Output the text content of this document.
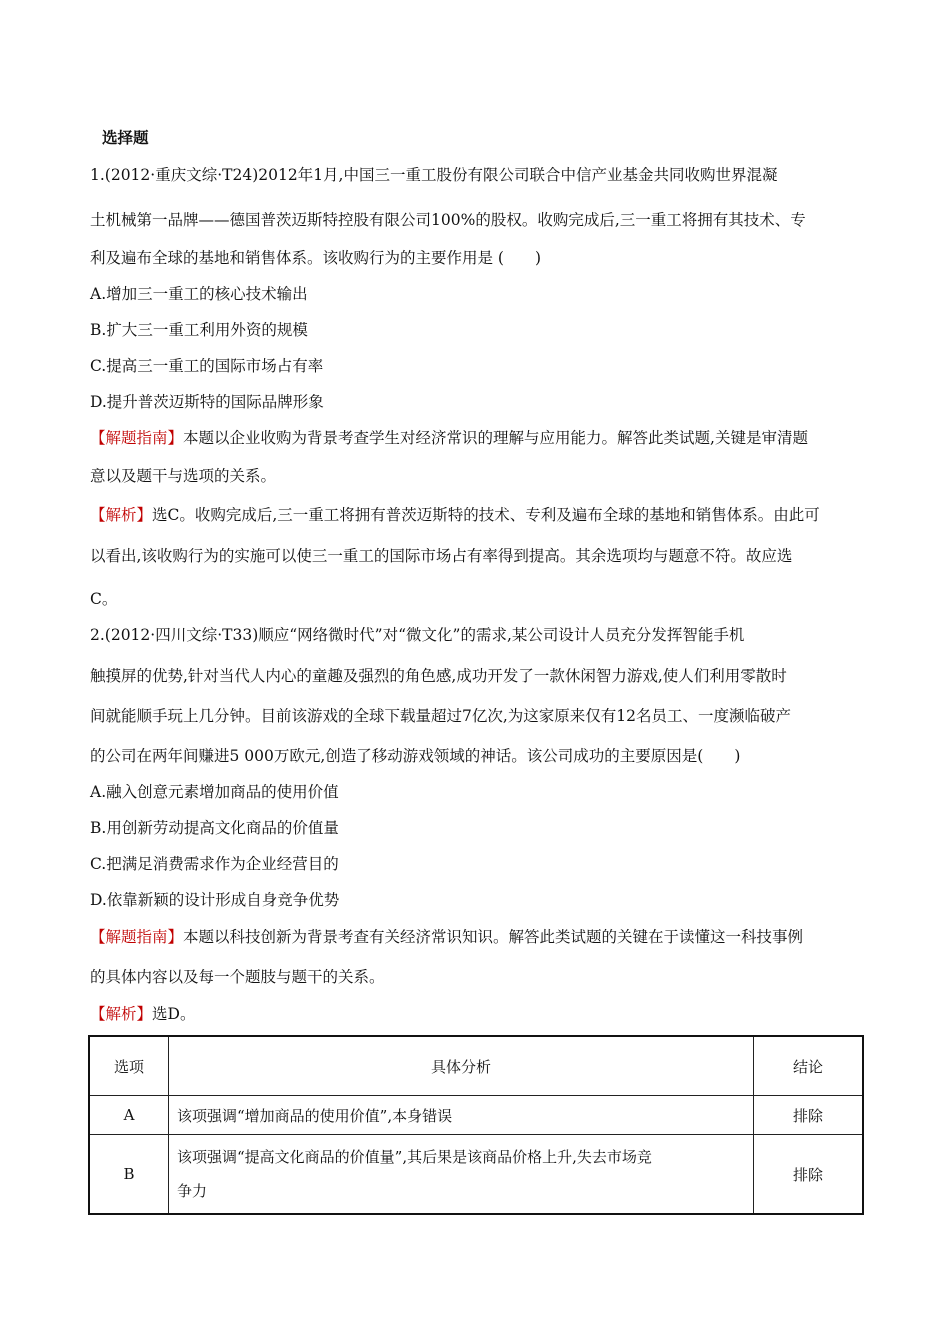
选择题
1.(2012·重庆文综·T24)2012年1月,中国三一重工股份有限公司联合中信产业基金共同收购世界混凝
土机械第一品牌——德国普茨迈斯特控股有限公司100%的股权。收购完成后,三一重工将拥有其技术、专
利及遍布全球的基地和销售体系。该收购行为的主要作用是 (　　)
A.增加三一重工的核心技术输出
B.扩大三一重工利用外资的规模
C.提高三一重工的国际市场占有率
D.提升普茨迈斯特的国际品牌形象
【解题指南】本题以企业收购为背景考查学生对经济常识的理解与应用能力。解答此类试题,关键是审清题
意以及题干与选项的关系。
【解析】选C。收购完成后,三一重工将拥有普茨迈斯特的技术、专利及遍布全球的基地和销售体系。由此可
以看出,该收购行为的实施可以使三一重工的国际市场占有率得到提高。其余选项均与题意不符。故应选
C。
2.(2012·四川文综·T33)顺应“网络微时代”对“微文化”的需求,某公司设计人员充分发挥智能手机
触摸屏的优势,针对当代人内心的童趣及强烈的角色感,成功开发了一款休闲智力游戏,使人们利用零散时
间就能顺手玩上几分钟。目前该游戏的全球下载量超过7亿次,为这家原来仅有12名员工、一度濒临破产
的公司在两年间赚进5 000万欧元,创造了移动游戏领域的神话。该公司成功的主要原因是(　　)
A.融入创意元素增加商品的使用价值
B.用创新劳动提高文化商品的价值量
C.把满足消费需求作为企业经营目的
D.依靠新颖的设计形成自身竞争优势
【解题指南】本题以科技创新为背景考查有关经济常识知识。解答此类试题的关键在于读懂这一科技事例
的具体内容以及每一个题肢与题干的关系。
【解析】选D。
选项	具体分析	结论
A	该项强调“增加商品的使用价值”,本身错误	排除
B	该项强调“提高文化商品的价值量”,其后果是该商品价格上升,失去市场竞
争力	排除
